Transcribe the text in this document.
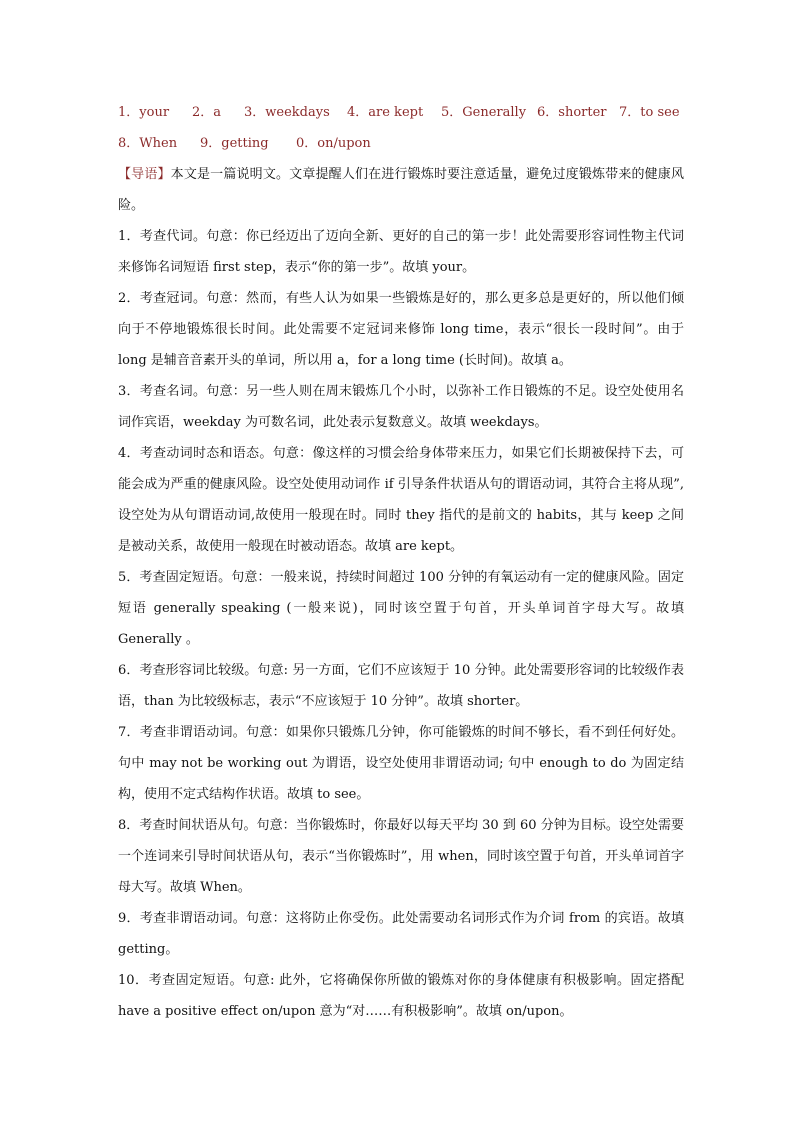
1．your 2．a 3．weekdays 4．are kept 5．Generally 6．shorter 7．to see
8．When 9．getting 0．on/upon

【导语】本文是一篇说明文。文章提醒人们在进行锻炼时要注意适量，避免过度锻炼带来的健康风险。

1．考查代词。句意：你已经迈出了迈向全新、更好的自己的第一步！此处需要形容词性物主代词来修饰名词短语 first step，表示“你的第一步”。故填 your。

2．考查冠词。句意：然而，有些人认为如果一些锻炼是好的，那么更多总是更好的，所以他们倾向于不停地锻炼很长时间。此处需要不定冠词来修饰 long time，表示“很长一段时间”。由于 long 是辅音音素开头的单词，所以用 a，for a long time (长时间)。故填 a。

3．考查名词。句意：另一些人则在周末锻炼几个小时，以弥补工作日锻炼的不足。设空处使用名词作宾语，weekday 为可数名词，此处表示复数意义。故填 weekdays。

4．考查动词时态和语态。句意：像这样的习惯会给身体带来压力，如果它们长期被保持下去，可能会成为严重的健康风险。设空处使用动词作 if 引导条件状语从句的谓语动词，其符合主将从现”,设空处为从句谓语动词,故使用一般现在时。同时 they 指代的是前文的 habits，其与 keep 之间是被动关系，故使用一般现在时被动语态。故填 are kept。

5．考查固定短语。句意：一般来说，持续时间超过 100 分钟的有氧运动有一定的健康风险。固定短语 generally speaking (一般来说)，同时该空置于句首，开头单词首字母大写。故填 Generally 。

6．考查形容词比较级。句意: 另一方面，它们不应该短于 10 分钟。此处需要形容词的比较级作表语，than 为比较级标志，表示“不应该短于 10 分钟”。故填 shorter。

7．考查非谓语动词。句意：如果你只锻炼几分钟，你可能锻炼的时间不够长，看不到任何好处。句中 may not be working out 为谓语，设空处使用非谓语动词; 句中 enough to do 为固定结构，使用不定式结构作状语。故填 to see。

8．考查时间状语从句。句意：当你锻炼时，你最好以每天平均 30 到 60 分钟为目标。设空处需要一个连词来引导时间状语从句，表示“当你锻炼时”，用 when，同时该空置于句首，开头单词首字母大写。故填 When。

9．考查非谓语动词。句意：这将防止你受伤。此处需要动名词形式作为介词 from 的宾语。故填 getting。

10．考查固定短语。句意: 此外，它将确保你所做的锻炼对你的身体健康有积极影响。固定搭配 have a positive effect on/upon 意为“对……有积极影响”。故填 on/upon。
